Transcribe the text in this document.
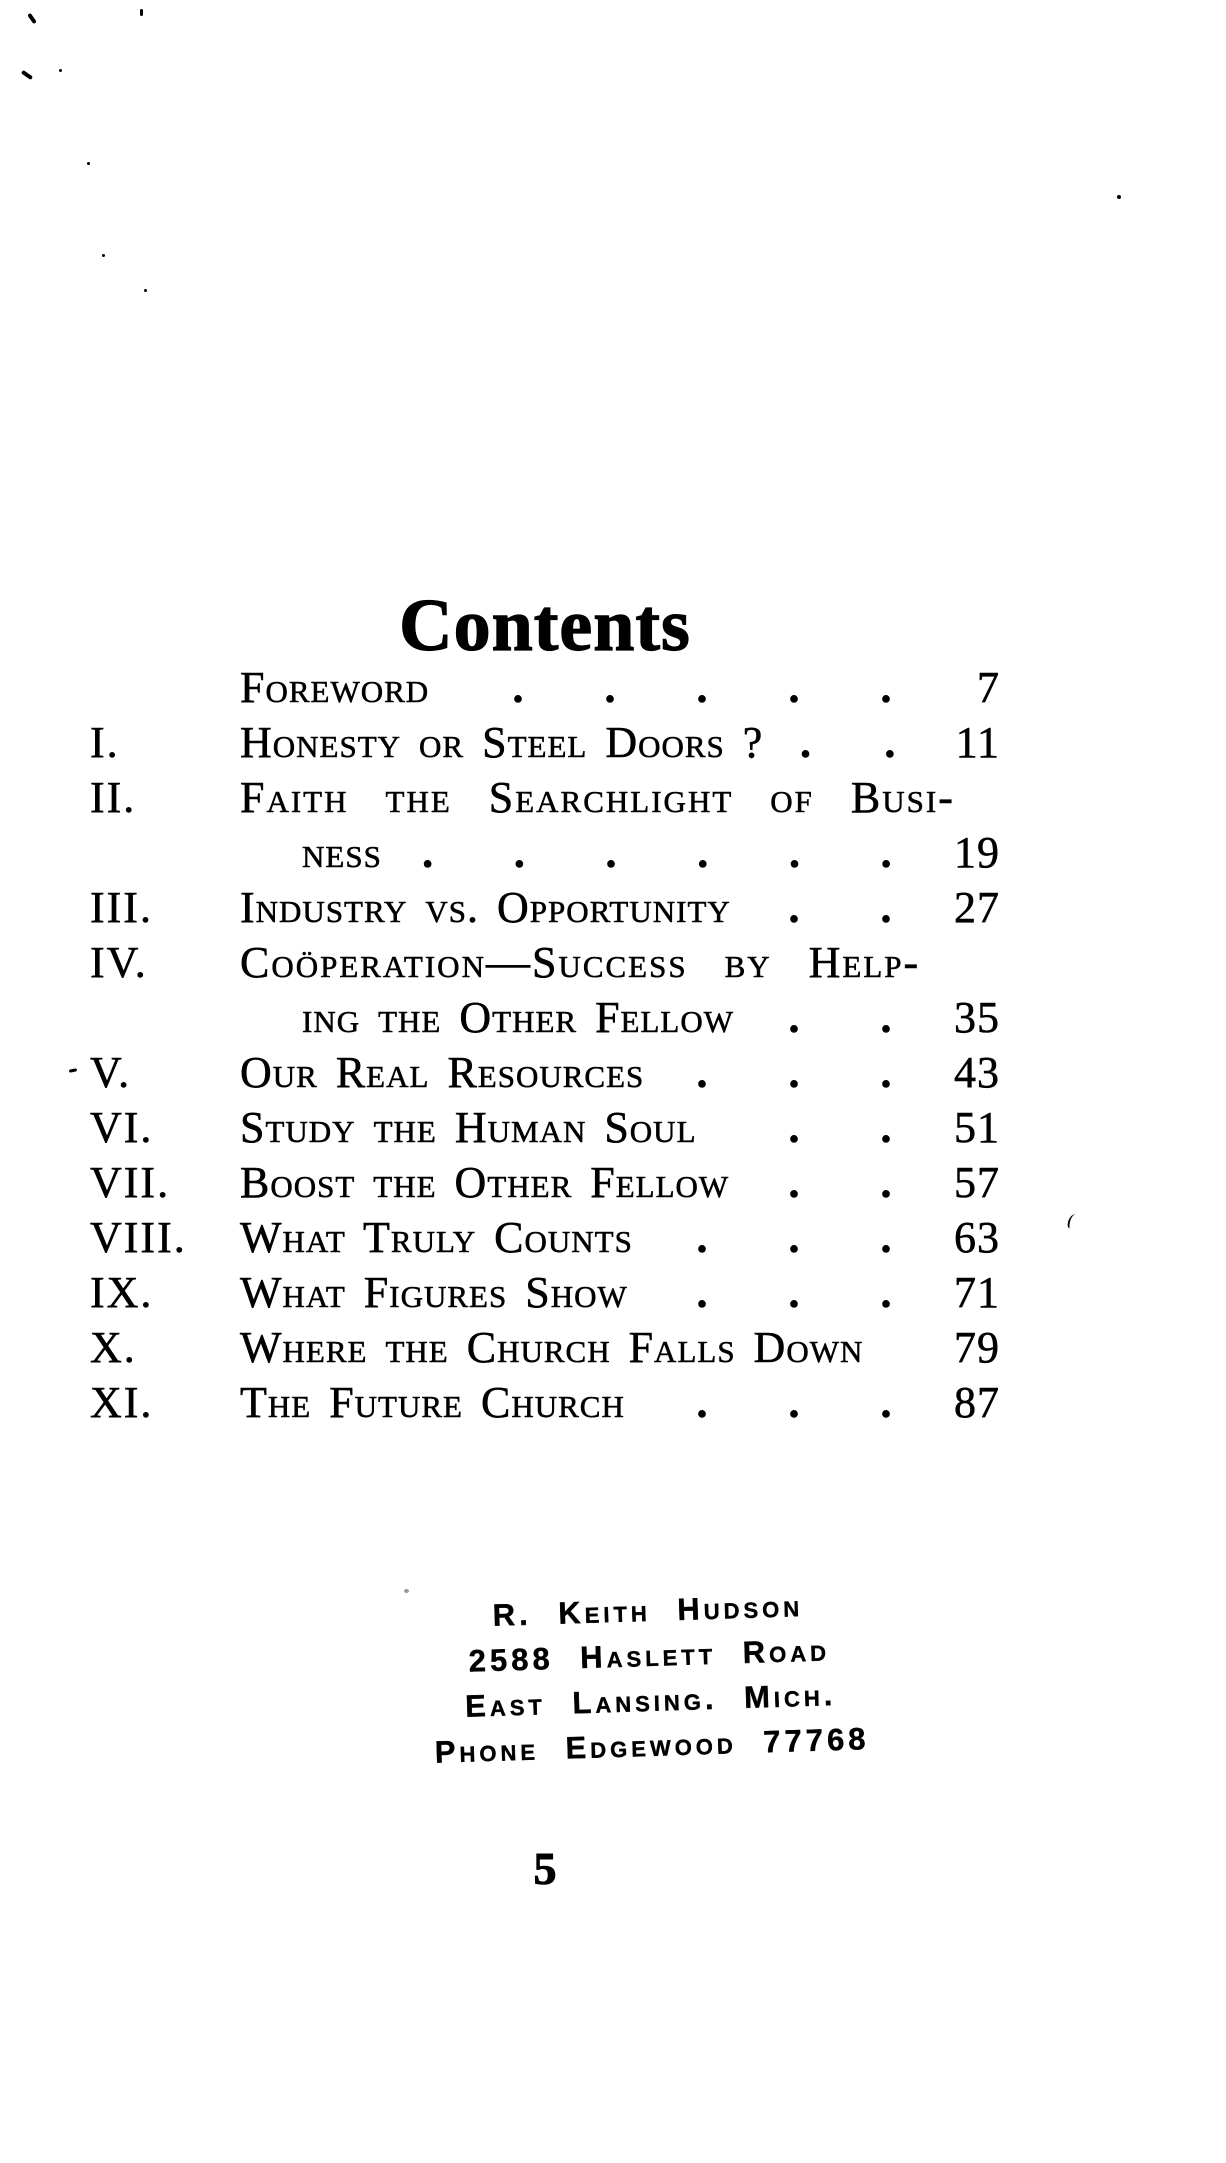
Contents
Foreword	.	.	.	.	.	7
I.	Honesty or Steel Doors ? .	.	11
II.	Faith the Searchlight of Busi-
ness .	.	.	.	.	.	19
III.	Industry vs. Opportunity	.	.	27
IV.	Coöperation—Success by Help-
ing the Other Fellow	.	.	35
V.	Our Real Resources	.	.	.	43
VI.	Study the Human Soul	.	.	51
VII.	Boost the Other Fellow	.	.	57
VIII.	What Truly Counts	.	.	.	63
IX.	What Figures Show	.	.	.	71
X.	Where the Church Falls Down	79
XI.	The Future Church	.	.	.	87
R. Keith Hudson
2588 Haslett Road
East Lansing. Mich.
Phone Edgewood 77768
5
